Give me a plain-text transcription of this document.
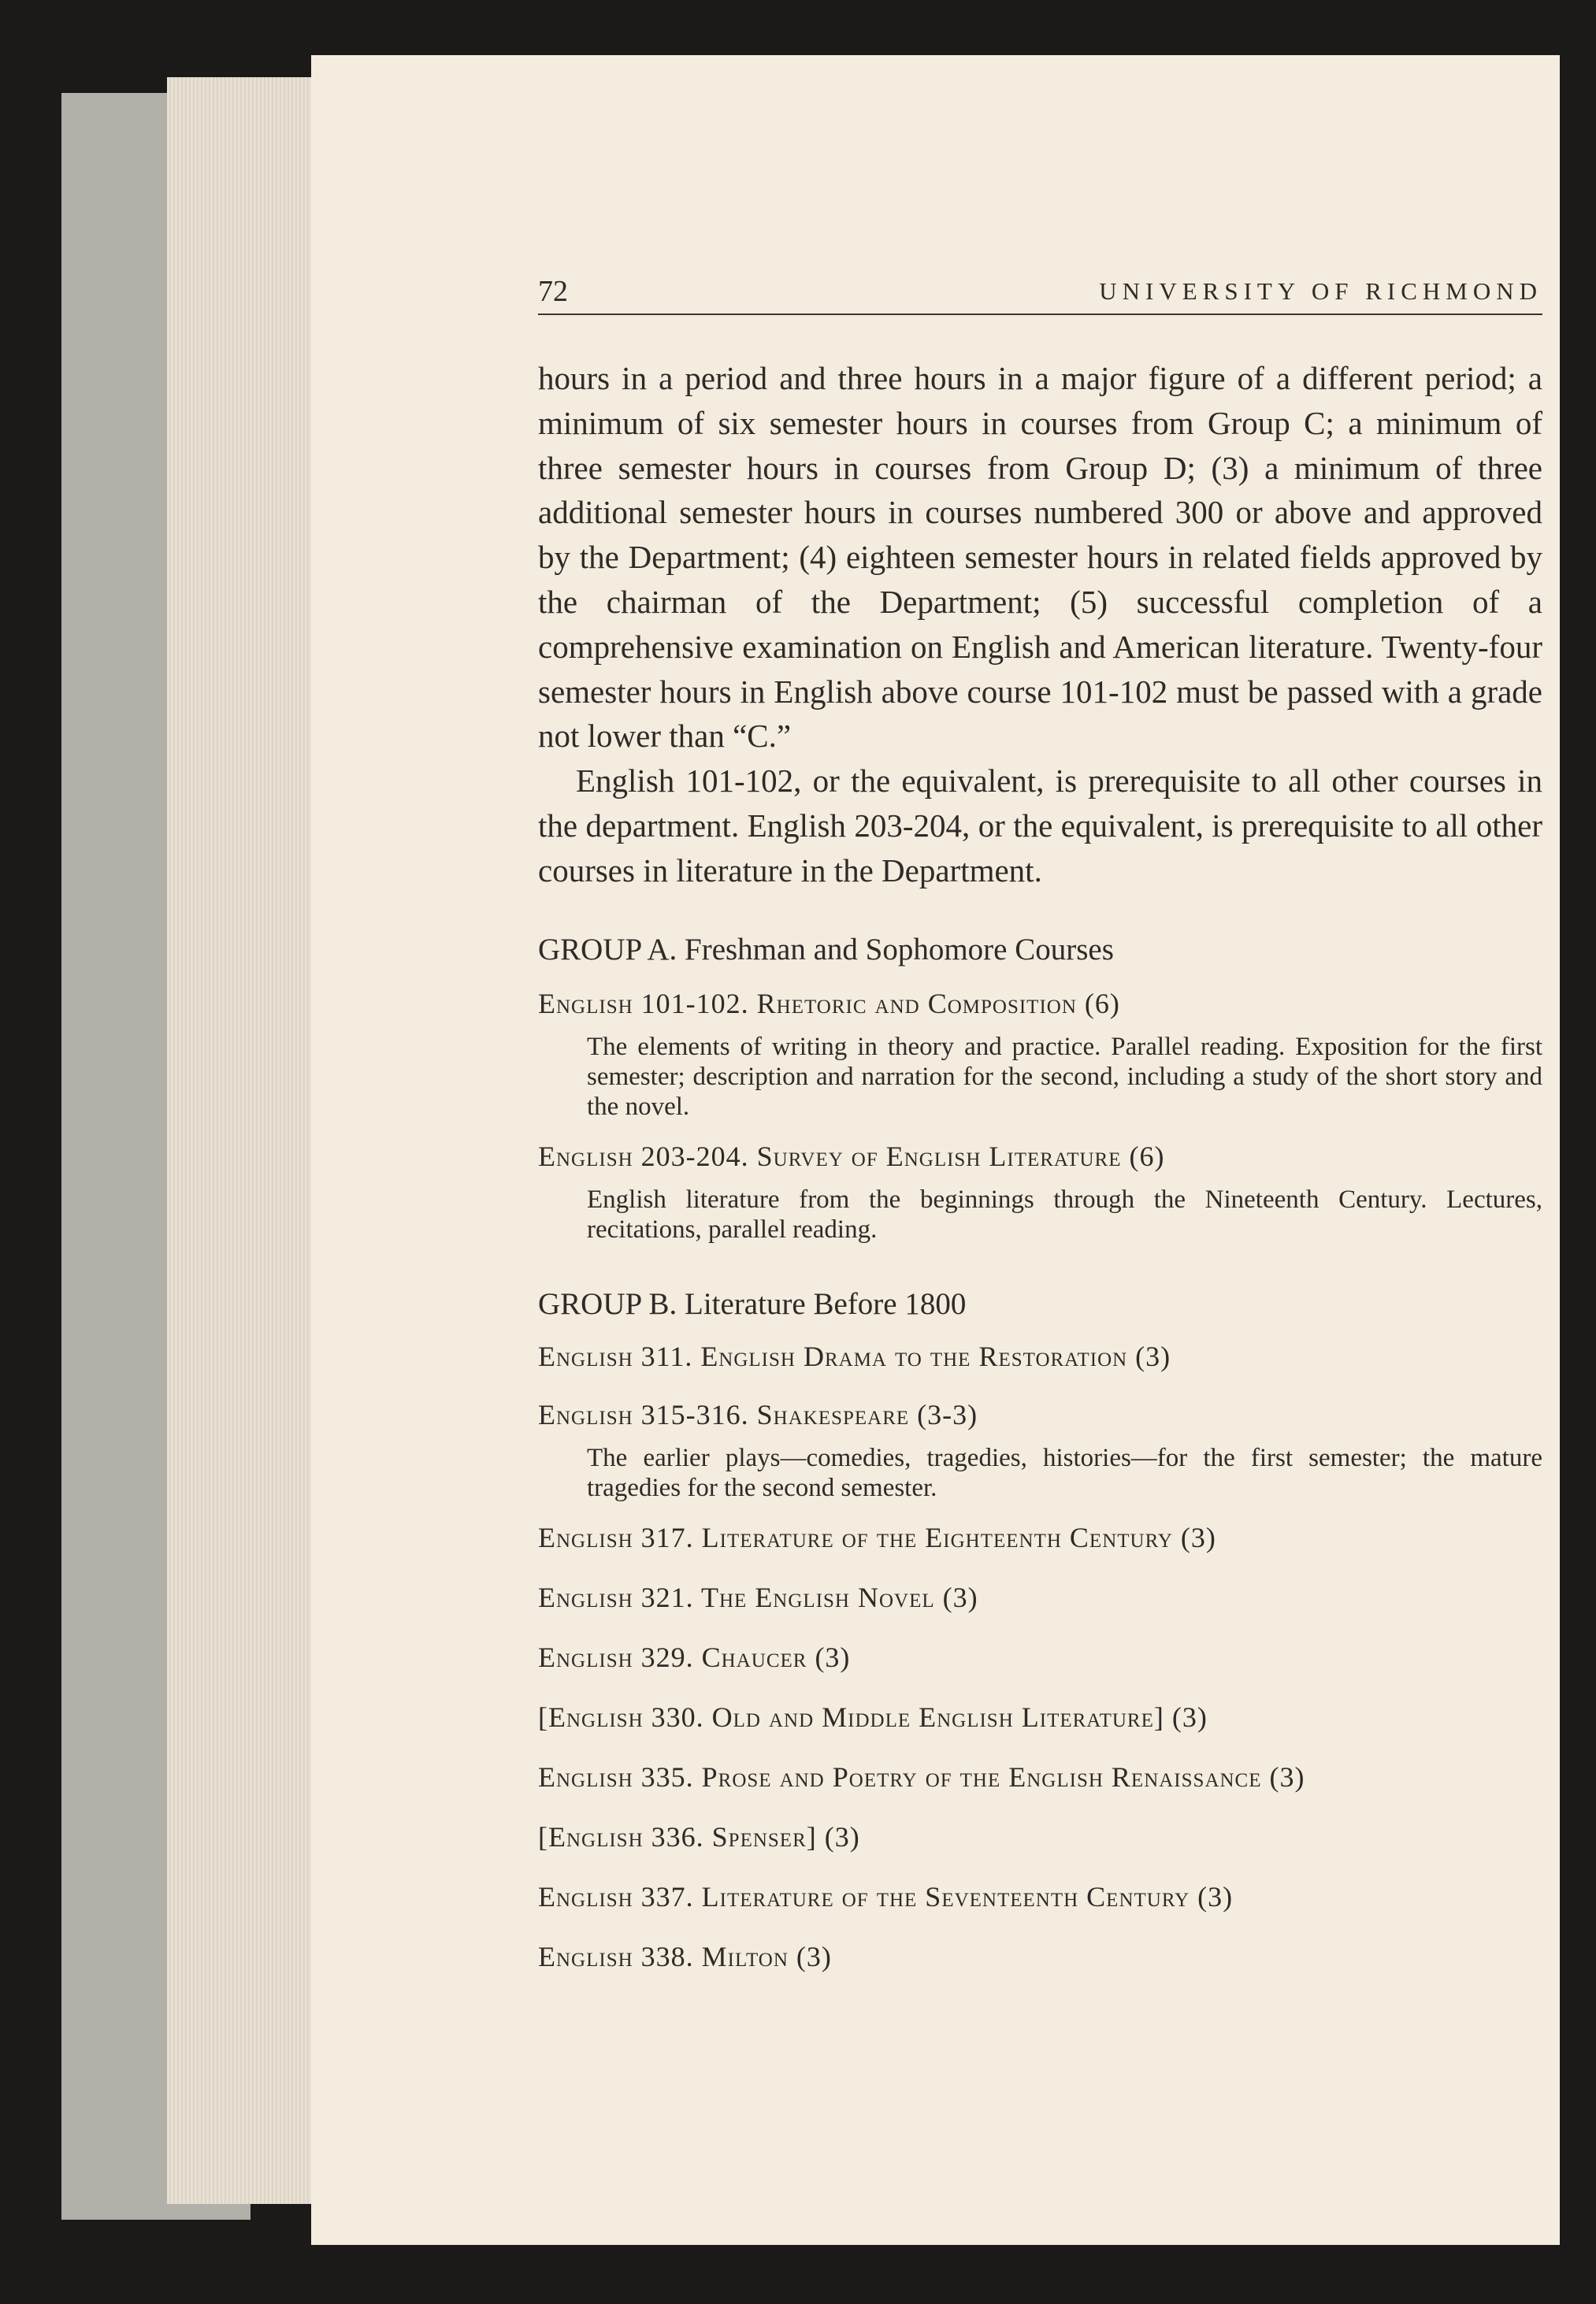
72	UNIVERSITY OF RICHMOND

hours in a period and three hours in a major figure of a different period; a minimum of six semester hours in courses from Group C; a minimum of three semester hours in courses from Group D; (3) a minimum of three additional semester hours in courses numbered 300 or above and approved by the Department; (4) eighteen semester hours in related fields approved by the chairman of the Department; (5) successful completion of a comprehensive examination on English and American literature. Twenty-four semester hours in English above course 101-102 must be passed with a grade not lower than “C.”

English 101-102, or the equivalent, is prerequisite to all other courses in the department. English 203-204, or the equivalent, is prerequisite to all other courses in literature in the Department.

GROUP A. Freshman and Sophomore Courses

English 101-102. Rhetoric and Composition (6)

The elements of writing in theory and practice. Parallel reading. Exposition for the first semester; description and narration for the second, including a study of the short story and the novel.

English 203-204. Survey of English Literature (6)

English literature from the beginnings through the Nineteenth Century. Lectures, recitations, parallel reading.

GROUP B. Literature Before 1800

English 311. English Drama to the Restoration (3)

English 315-316. Shakespeare (3-3)

The earlier plays—comedies, tragedies, histories—for the first semester; the mature tragedies for the second semester.

English 317. Literature of the Eighteenth Century (3)

English 321. The English Novel (3)

English 329. Chaucer (3)

[English 330. Old and Middle English Literature] (3)

English 335. Prose and Poetry of the English Renaissance (3)

[English 336. Spenser] (3)

English 337. Literature of the Seventeenth Century (3)

English 338. Milton (3)
